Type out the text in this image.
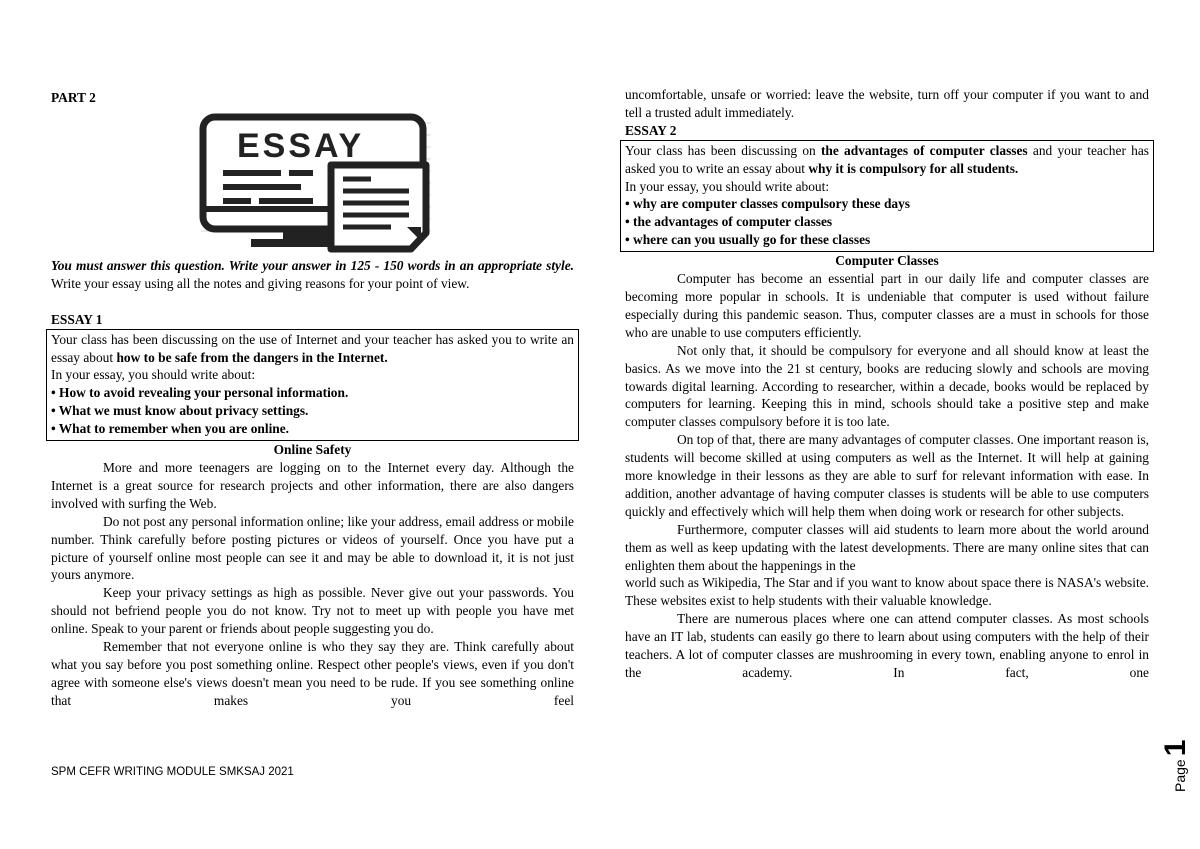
PART 2

ESSAY

You must answer this question. Write your answer in 125 - 150 words in an appropriate style. Write your essay using all the notes and giving reasons for your point of view.

ESSAY 1

Your class has been discussing on the use of Internet and your teacher has asked you to write an essay about how to be safe from the dangers in the Internet.

In your essay, you should write about:

• How to avoid revealing your personal information.

• What we must know about privacy settings.

• What to remember when you are online.

Online Safety

More and more teenagers are logging on to the Internet every day. Although the Internet is a great source for research projects and other information, there are also dangers involved with surfing the Web.

Do not post any personal information online; like your address, email address or mobile number. Think carefully before posting pictures or videos of yourself. Once you have put a picture of yourself online most people can see it and may be able to download it, it is not just yours anymore.

Keep your privacy settings as high as possible. Never give out your passwords. You should not befriend people you do not know. Try not to meet up with people you have met online. Speak to your parent or friends about people suggesting you do.

Remember that not everyone online is who they say they are. Think carefully about what you say before you post something online. Respect other people's views, even if you don't agree with someone else's views doesn't mean you need to be rude. If you see something online that makes you feel

uncomfortable, unsafe or worried: leave the website, turn off your computer if you want to and tell a trusted adult immediately.

ESSAY 2

Your class has been discussing on the advantages of computer classes and your teacher has asked you to write an essay about why it is compulsory for all students.

In your essay, you should write about:

• why are computer classes compulsory these days

• the advantages of computer classes

• where can you usually go for these classes

Computer Classes

Computer has become an essential part in our daily life and computer classes are becoming more popular in schools. It is undeniable that computer is used without failure especially during this pandemic season. Thus, computer classes are a must in schools for those who are unable to use computers efficiently.

Not only that, it should be compulsory for everyone and all should know at least the basics. As we move into the 21 st century, books are reducing slowly and schools are moving towards digital learning. According to researcher, within a decade, books would be replaced by computers for learning. Keeping this in mind, schools should take a positive step and make computer classes compulsory before it is too late.

On top of that, there are many advantages of computer classes. One important reason is, students will become skilled at using computers as well as the Internet. It will help at gaining more knowledge in their lessons as they are able to surf for relevant information with ease. In addition, another advantage of having computer classes is students will be able to use computers quickly and effectively which will help them when doing work or research for other subjects.

Furthermore, computer classes will aid students to learn more about the world around them as well as keep updating with the latest developments. There are many online sites that can enlighten them about the happenings in the

world such as Wikipedia, The Star and if you want to know about space there is NASA's website. These websites exist to help students with their valuable knowledge.

There are numerous places where one can attend computer classes. As most schools have an IT lab, students can easily go there to learn about using computers with the help of their teachers. A lot of computer classes are mushrooming in every town, enabling anyone to enrol in the academy. In fact, one

SPM CEFR WRITING MODULE SMKSAJ 2021	Page1
